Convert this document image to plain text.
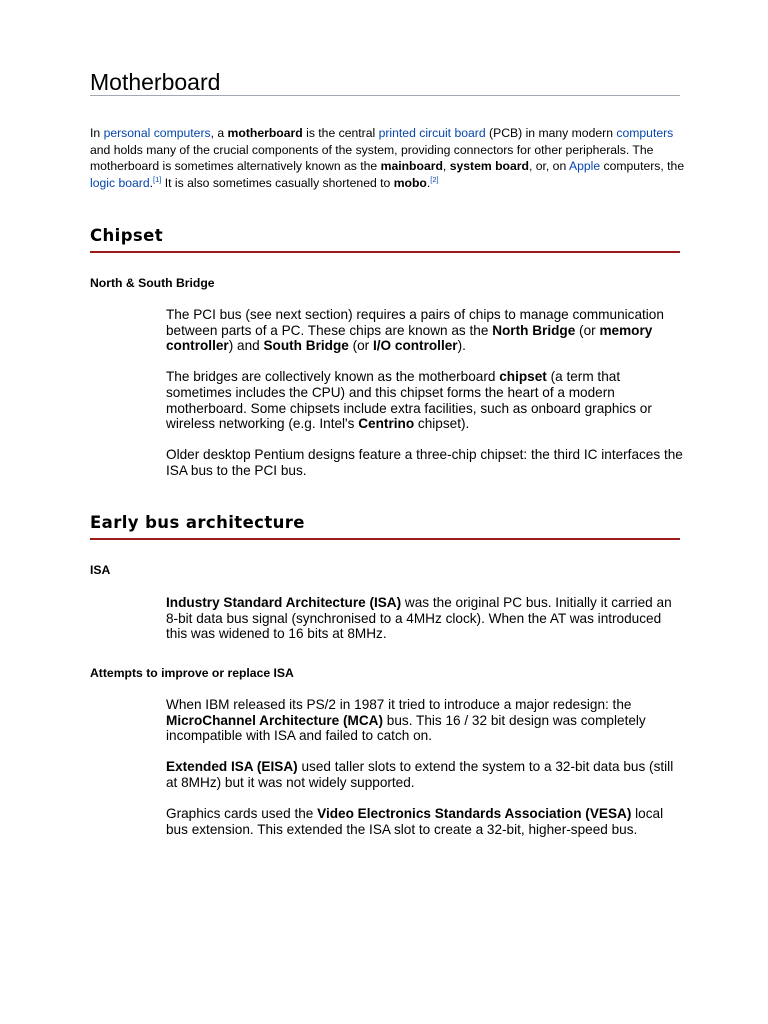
Motherboard

In personal computers, a motherboard is the central printed circuit board (PCB) in many modern computers and holds many of the crucial components of the system, providing connectors for other peripherals. The motherboard is sometimes alternatively known as the mainboard, system board, or, on Apple computers, the logic board.[1] It is also sometimes casually shortened to mobo.[2]

Chipset
North & South Bridge

The PCI bus (see next section) requires a pairs of chips to manage communication between parts of a PC. These chips are known as the North Bridge (or memory controller) and South Bridge (or I/O controller).

The bridges are collectively known as the motherboard chipset (a term that sometimes includes the CPU) and this chipset forms the heart of a modern motherboard. Some chipsets include extra facilities, such as onboard graphics or wireless networking (e.g. Intel's Centrino chipset).

Older desktop Pentium designs feature a three-chip chipset: the third IC interfaces the ISA bus to the PCI bus.

Early bus architecture
ISA

Industry Standard Architecture (ISA) was the original PC bus. Initially it carried an 8-bit data bus signal (synchronised to a 4MHz clock). When the AT was introduced this was widened to 16 bits at 8MHz.

Attempts to improve or replace ISA

When IBM released its PS/2 in 1987 it tried to introduce a major redesign: the MicroChannel Architecture (MCA) bus. This 16 / 32 bit design was completely incompatible with ISA and failed to catch on.

Extended ISA (EISA) used taller slots to extend the system to a 32-bit data bus (still at 8MHz) but it was not widely supported.

Graphics cards used the Video Electronics Standards Association (VESA) local bus extension. This extended the ISA slot to create a 32-bit, higher-speed bus.
